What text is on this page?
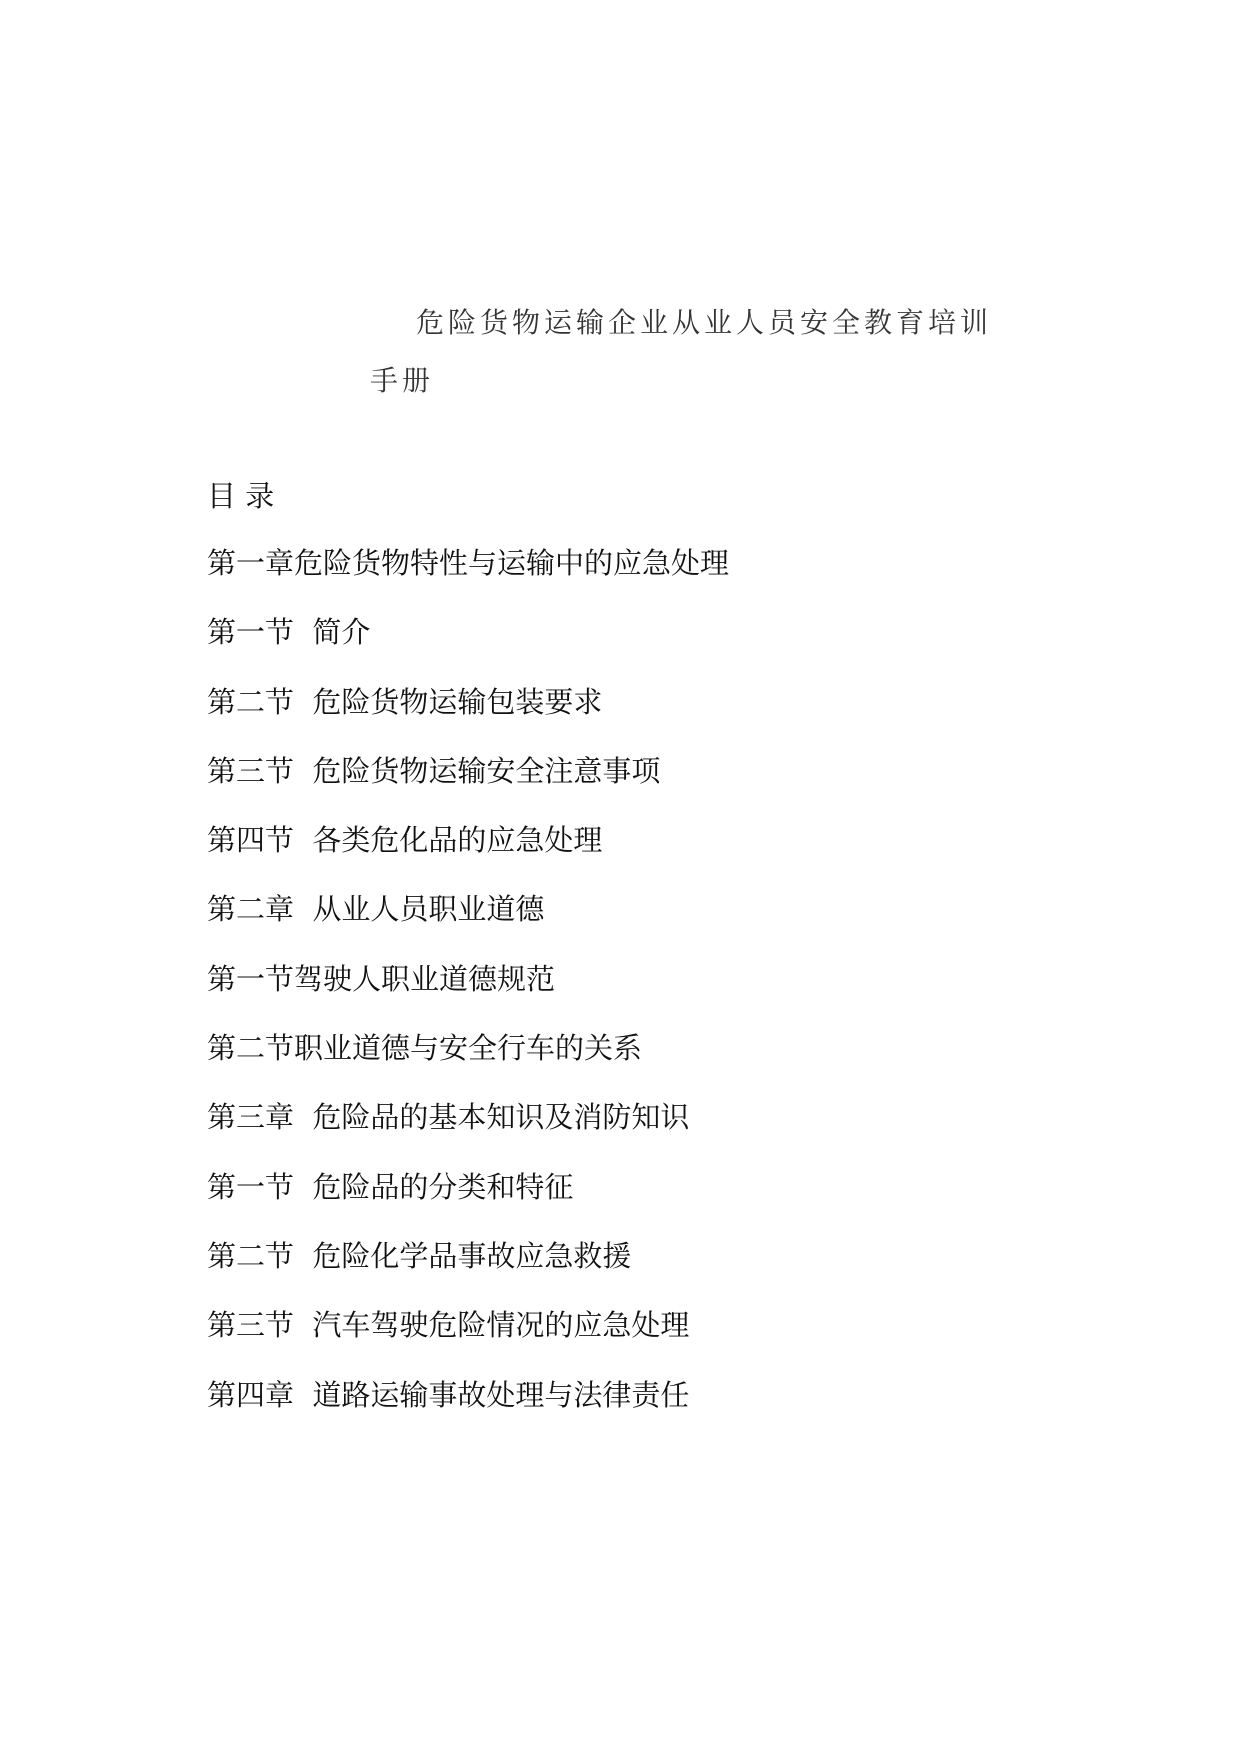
危险货物运输企业从业人员安全教育培训
手册
目 录
第一章危险货物特性与运输中的应急处理
第一节  简介
第二节  危险货物运输包装要求
第三节  危险货物运输安全注意事项
第四节  各类危化品的应急处理
第二章  从业人员职业道德
第一节驾驶人职业道德规范
第二节职业道德与安全行车的关系
第三章  危险品的基本知识及消防知识
第一节  危险品的分类和特征
第二节  危险化学品事故应急救援
第三节  汽车驾驶危险情况的应急处理
第四章  道路运输事故处理与法律责任
